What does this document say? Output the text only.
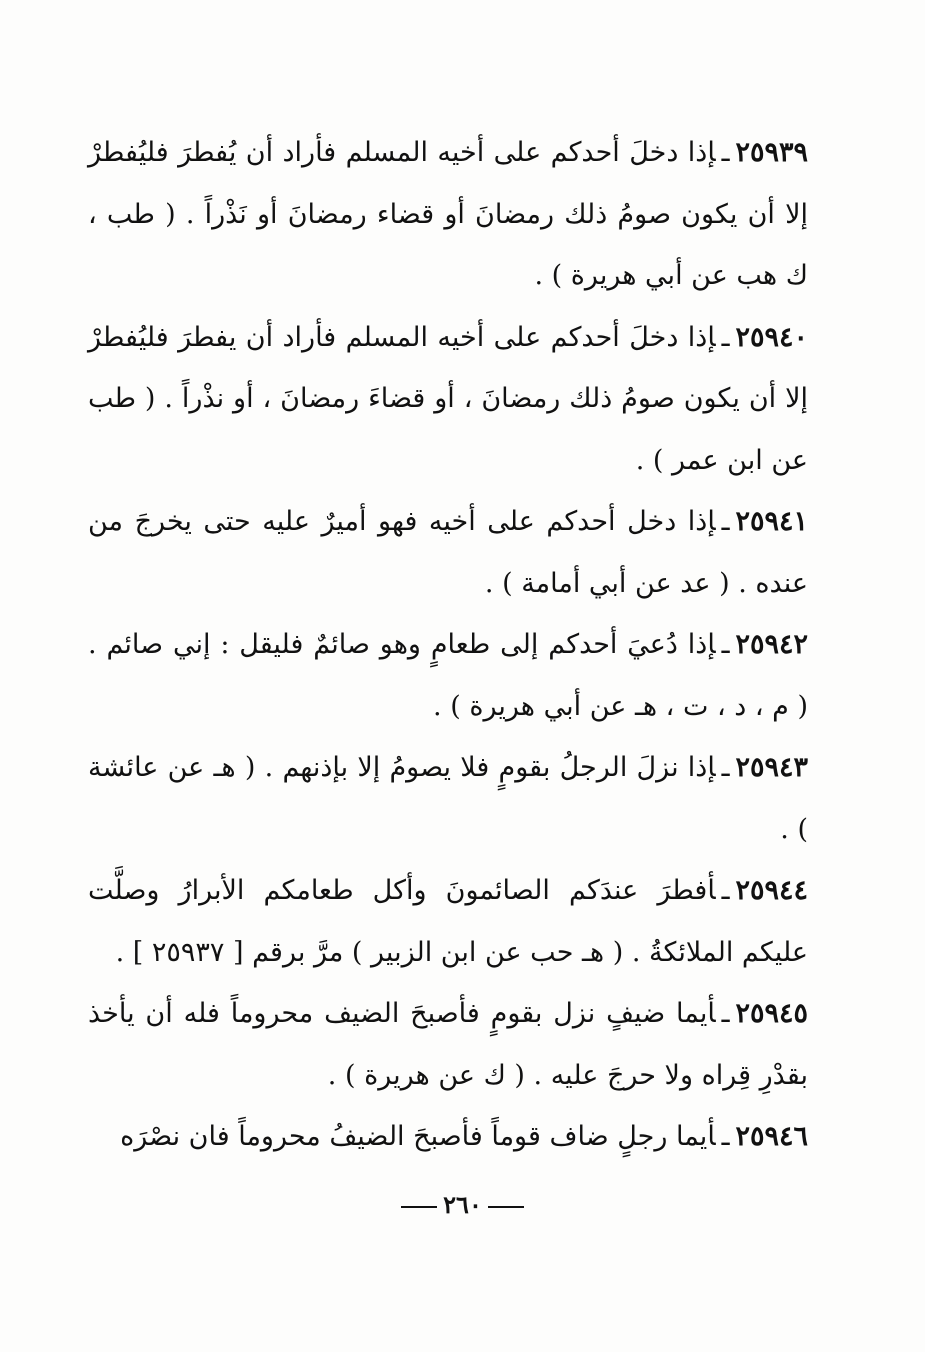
٢٥٩٣٩ـإذا دخلَ أحدكم على أخيه المسلم فأراد أن يُفطرَ فليُفطرْ إلا أن يكون صومُ ذلك رمضانَ أو قضاء رمضانَ أو نَذْراً . ( طب ، ك هب عن أبي هريرة ) .

٢٥٩٤٠ـإذا دخلَ أحدكم على أخيه المسلم فأراد أن يفطرَ فليُفطرْ إلا أن يكون صومُ ذلك رمضانَ ، أو قضاءَ رمضانَ ، أو نذْراً . ( طب عن ابن عمر ) .

٢٥٩٤١ـإذا دخل أحدكم على أخيه فهو أميرٌ عليه حتى يخرجَ من عنده . ( عد عن أبي أمامة ) .

٢٥٩٤٢ـإذا دُعيَ أحدكم إلى طعامٍ وهو صائمٌ فليقل : إني صائم . ( م ، د ، ت ، هـ عن أبي هريرة ) .

٢٥٩٤٣ـإذا نزلَ الرجلُ بقومٍ فلا يصومُ إلا بإذنهم . ( هـ عن عائشة ) .

٢٥٩٤٤ـأفطرَ عندَكم الصائمونَ وأكل طعامكم الأبرارُ وصلَّت عليكم الملائكةُ . ( هـ حب عن ابن الزبير ) مرَّ برقم [ ٢٥٩٣٧ ] .

٢٥٩٤٥ـأيما ضيفٍ نزل بقومٍ فأصبحَ الضيف محروماً فله أن يأخذ بقدْرِ قِراه ولا حرجَ عليه . ( ك عن هريرة ) .

٢٥٩٤٦ـأيما رجلٍ ضاف قوماً فأصبحَ الضيفُ محروماً فان نصْرَه

٢٦٠
